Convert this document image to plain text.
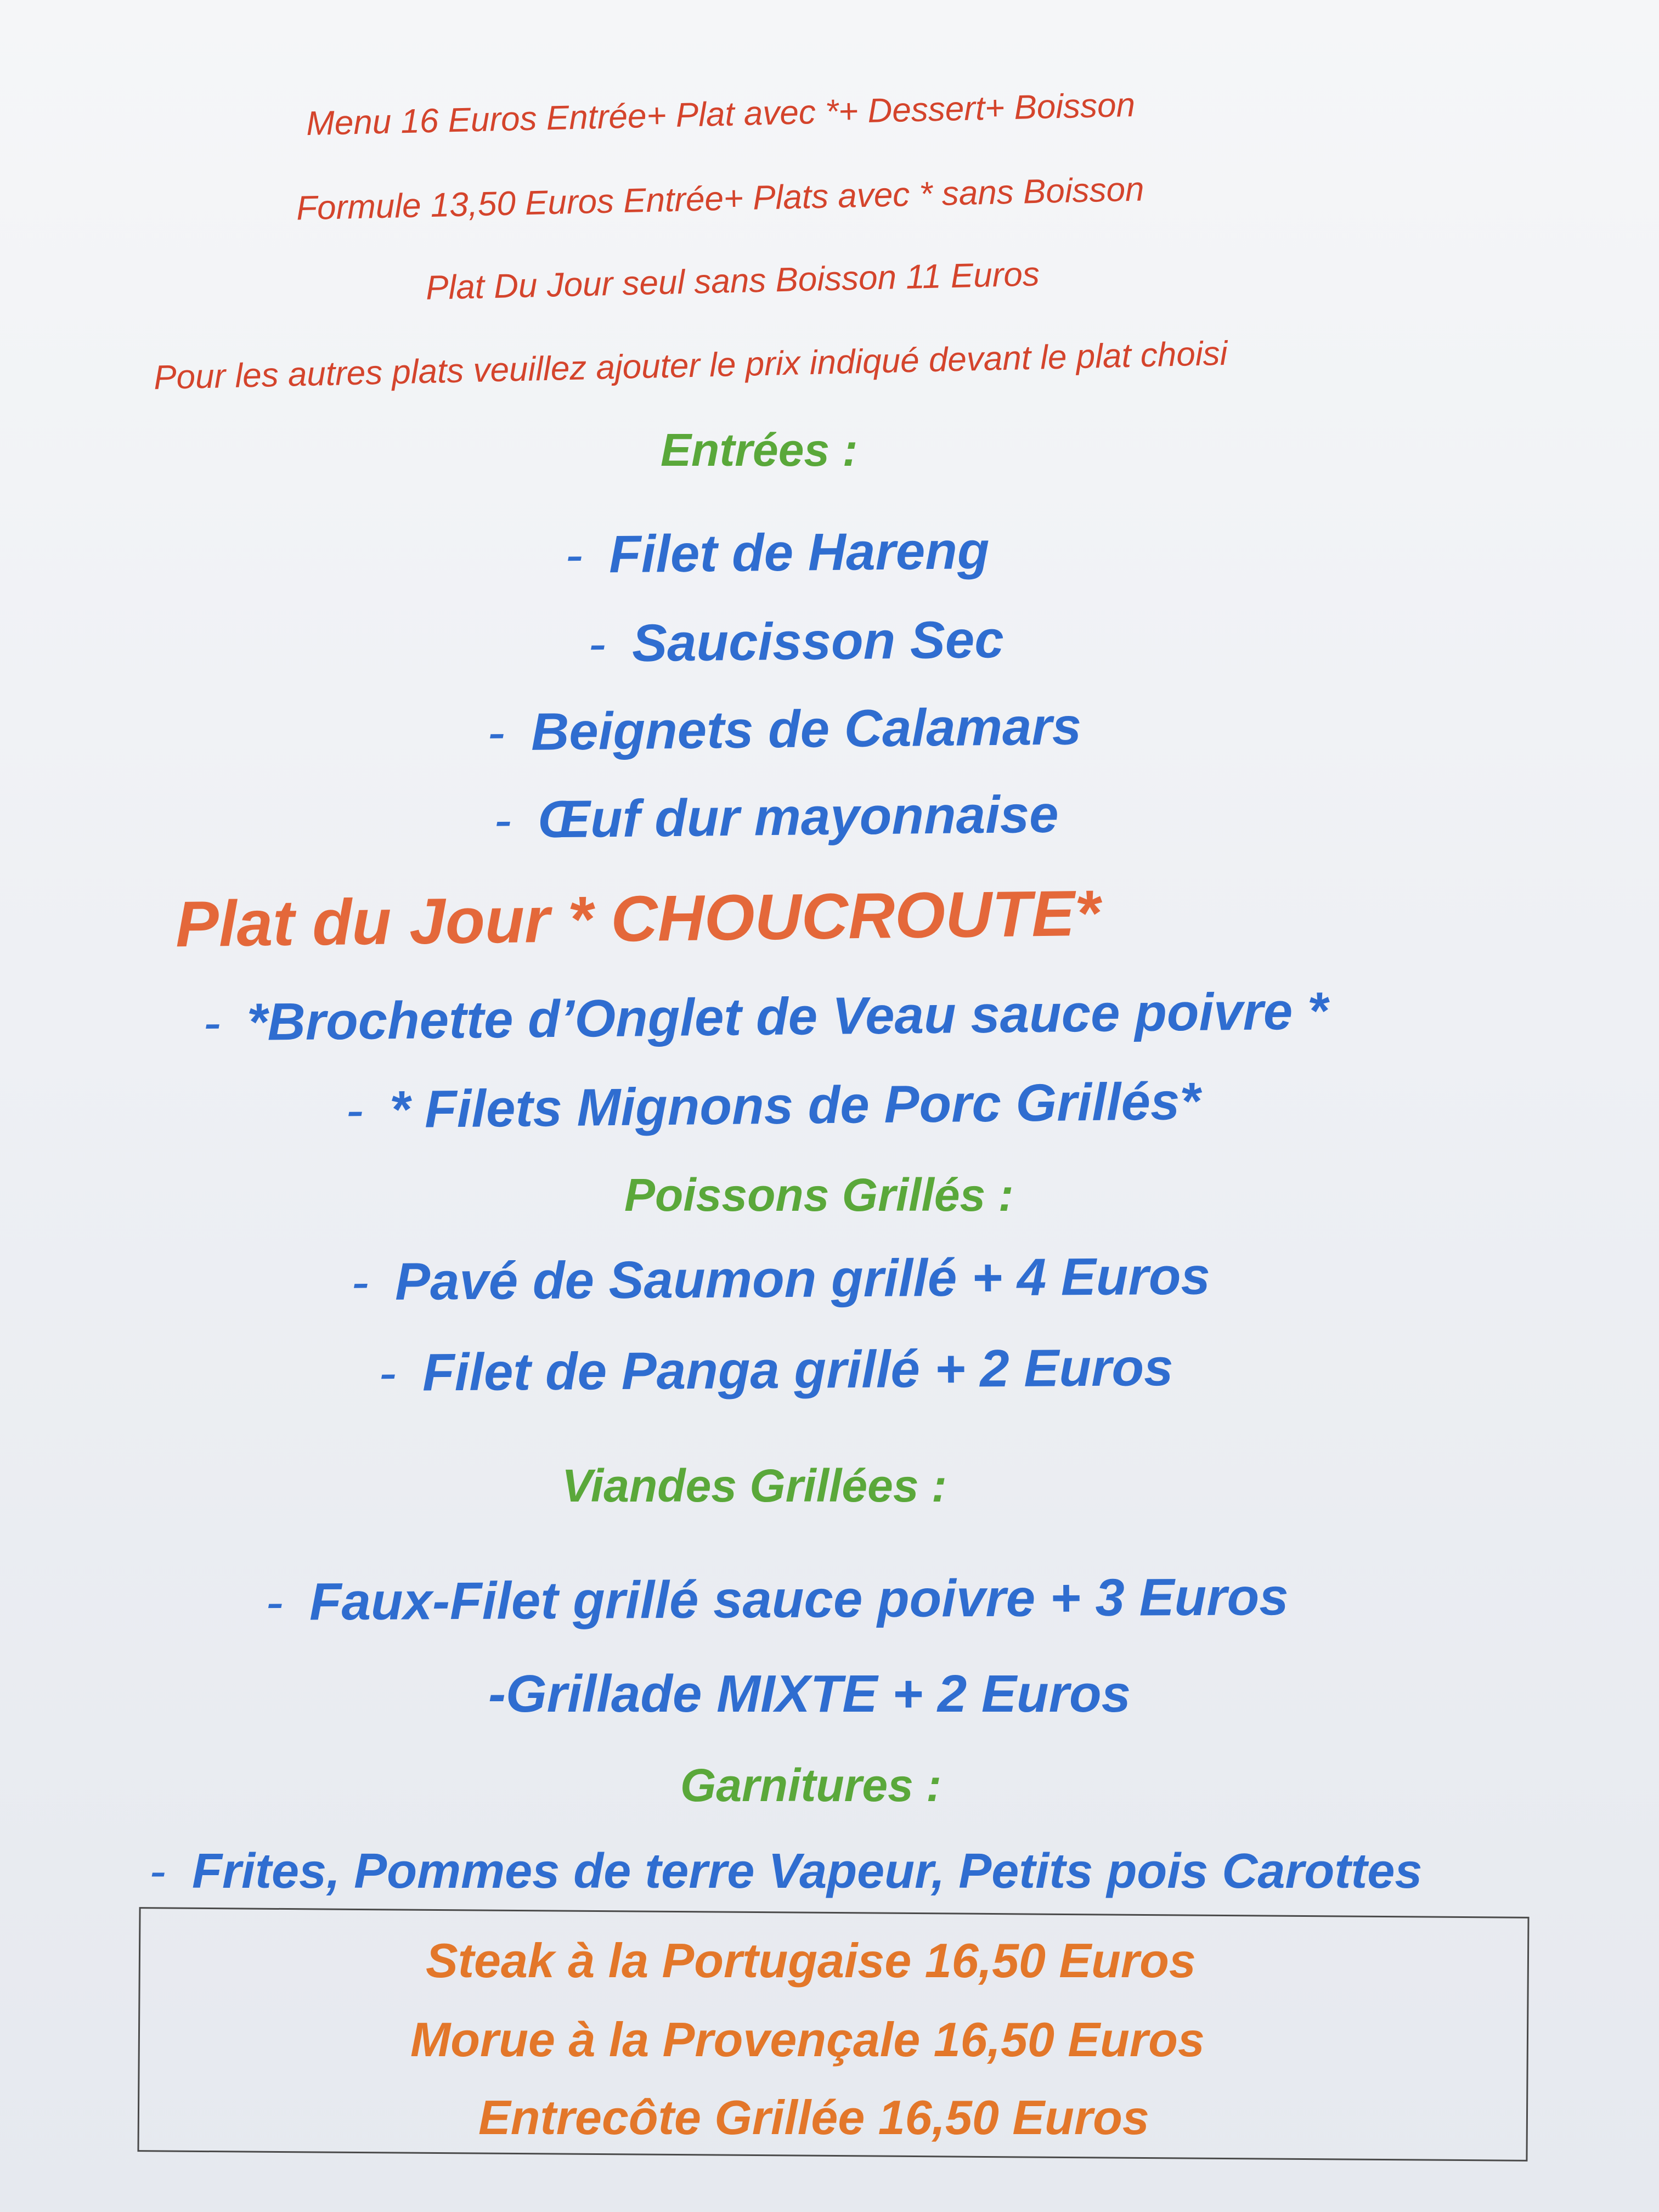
Menu 16 Euros Entrée+ Plat avec *+ Dessert+ Boisson
Formule 13,50 Euros Entrée+ Plats avec * sans Boisson
Plat Du Jour seul sans Boisson 11 Euros
Pour les autres plats veuillez ajouter le prix indiqué devant le plat choisi
Entrées :
- Filet de Hareng
- Saucisson Sec
- Beignets de Calamars
- Œuf dur mayonnaise
Plat du Jour * CHOUCROUTE*
- *Brochette d’Onglet de Veau sauce poivre *
- * Filets Mignons de Porc Grillés*
Poissons Grillés :
- Pavé de Saumon grillé + 4 Euros
- Filet de Panga grillé + 2 Euros
Viandes Grillées :
- Faux-Filet grillé sauce poivre + 3 Euros
-Grillade MIXTE + 2 Euros
Garnitures :
- Frites, Pommes de terre Vapeur, Petits pois Carottes
Steak à la Portugaise 16,50 Euros
Morue à la Provençale 16,50 Euros
Entrecôte Grillée 16,50 Euros
